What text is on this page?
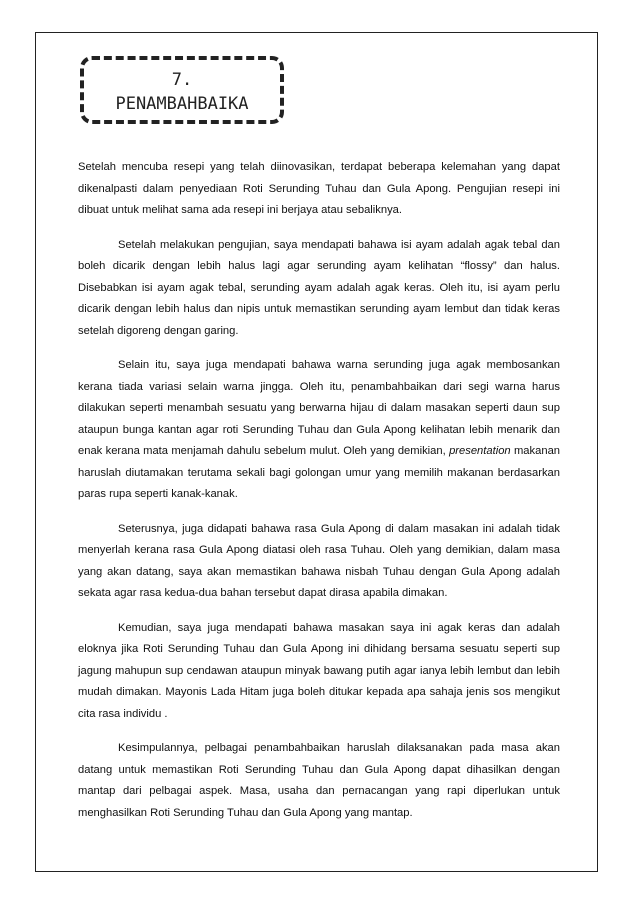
7.
PENAMBAHBAIKA

Setelah mencuba resepi yang telah diinovasikan, terdapat beberapa kelemahan yang dapat dikenalpasti dalam penyediaan Roti Serunding Tuhau dan Gula Apong. Pengujian resepi ini dibuat untuk melihat sama ada resepi ini berjaya atau sebaliknya.

Setelah melakukan pengujian, saya mendapati bahawa isi ayam adalah agak tebal dan boleh dicarik dengan lebih halus lagi agar serunding ayam kelihatan “flossy” dan halus. Disebabkan isi ayam agak tebal, serunding ayam adalah agak keras. Oleh itu, isi ayam perlu dicarik dengan lebih halus dan nipis untuk memastikan serunding ayam lembut dan tidak keras setelah digoreng dengan garing.

Selain itu, saya juga mendapati bahawa warna serunding juga agak membosankan kerana tiada variasi selain warna jingga. Oleh itu, penambahbaikan dari segi warna harus dilakukan seperti menambah sesuatu yang berwarna hijau di dalam masakan seperti daun sup ataupun bunga kantan agar roti Serunding Tuhau dan Gula Apong kelihatan lebih menarik dan enak kerana mata menjamah dahulu sebelum mulut. Oleh yang demikian, presentation makanan haruslah diutamakan terutama sekali bagi golongan umur yang memilih makanan berdasarkan paras rupa seperti kanak-kanak.

Seterusnya, juga didapati bahawa rasa Gula Apong di dalam masakan ini adalah tidak menyerlah kerana rasa Gula Apong diatasi oleh rasa Tuhau. Oleh yang demikian, dalam masa yang akan datang, saya akan memastikan bahawa nisbah Tuhau dengan Gula Apong adalah sekata agar rasa kedua-dua bahan tersebut dapat dirasa apabila dimakan.

Kemudian, saya juga mendapati bahawa masakan saya ini agak keras dan adalah eloknya jika Roti Serunding Tuhau dan Gula Apong ini dihidang bersama sesuatu seperti sup jagung mahupun sup cendawan ataupun minyak bawang putih agar ianya lebih lembut dan lebih mudah dimakan. Mayonis Lada Hitam juga boleh ditukar kepada apa sahaja jenis sos mengikut cita rasa individu .

Kesimpulannya, pelbagai penambahbaikan haruslah dilaksanakan pada masa akan datang untuk memastikan Roti Serunding Tuhau dan Gula Apong dapat dihasilkan dengan mantap dari pelbagai aspek. Masa, usaha dan pernacangan yang rapi diperlukan untuk menghasilkan Roti Serunding Tuhau dan Gula Apong yang mantap.
